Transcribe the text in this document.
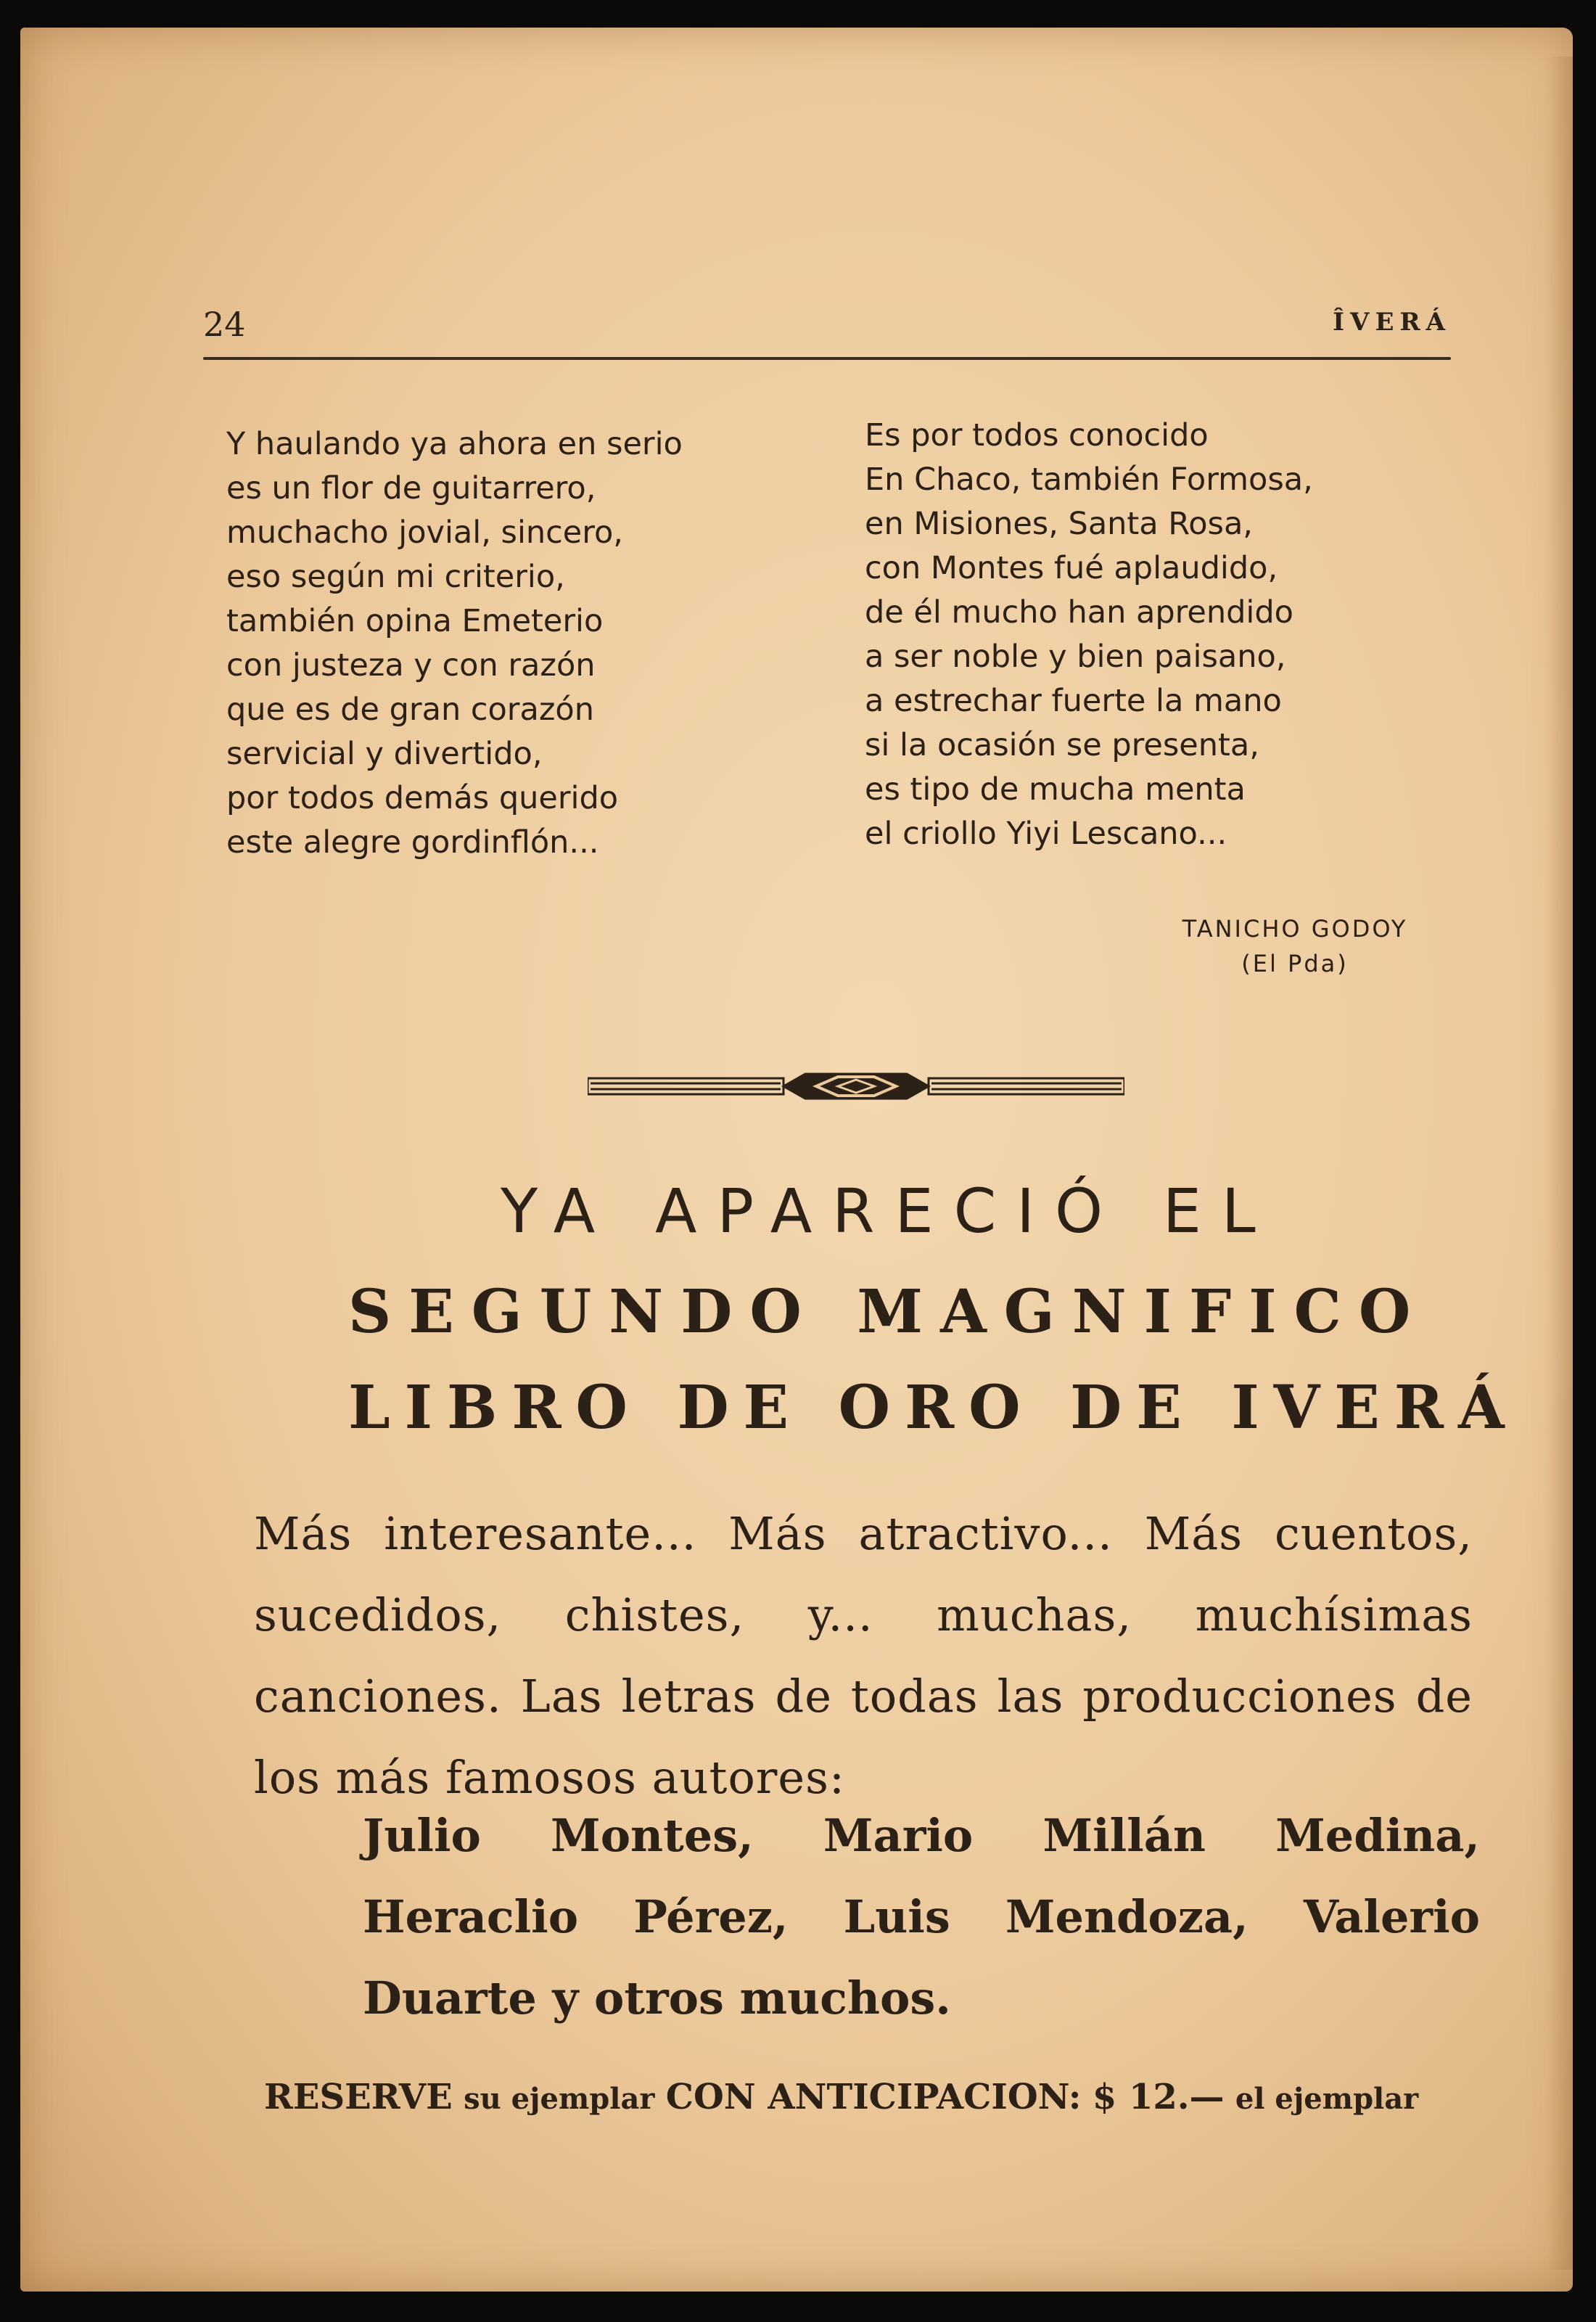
24	ÎVERÁ
Y haulando ya ahora en serio
es un flor de guitarrero,
muchacho jovial, sincero,
eso según mi criterio,
también opina Emeterio
con justeza y con razón
que es de gran corazón
servicial y divertido,
por todos demás querido
este alegre gordinflón...
Es por todos conocido
En Chaco, también Formosa,
en Misiones, Santa Rosa,
con Montes fué aplaudido,
de él mucho han aprendido
a ser noble y bien paisano,
a estrechar fuerte la mano
si la ocasión se presenta,
es tipo de mucha menta
el criollo Yiyi Lescano...
TANICHO GODOY
(El Pda)
YA APARECIÓ EL
SEGUNDO MAGNIFICO
LIBRO DE ORO DE IVERÁ
Más interesante... Más atractivo... Más cuentos, sucedidos, chistes, y... muchas, muchísimas canciones. Las letras de todas las producciones de los más famosos autores:
Julio Montes, Mario Millán Medina, Heraclio Pérez, Luis Mendoza, Valerio Duarte y otros muchos.
RESERVE su ejemplar CON ANTICIPACION: $ 12.— el ejemplar
